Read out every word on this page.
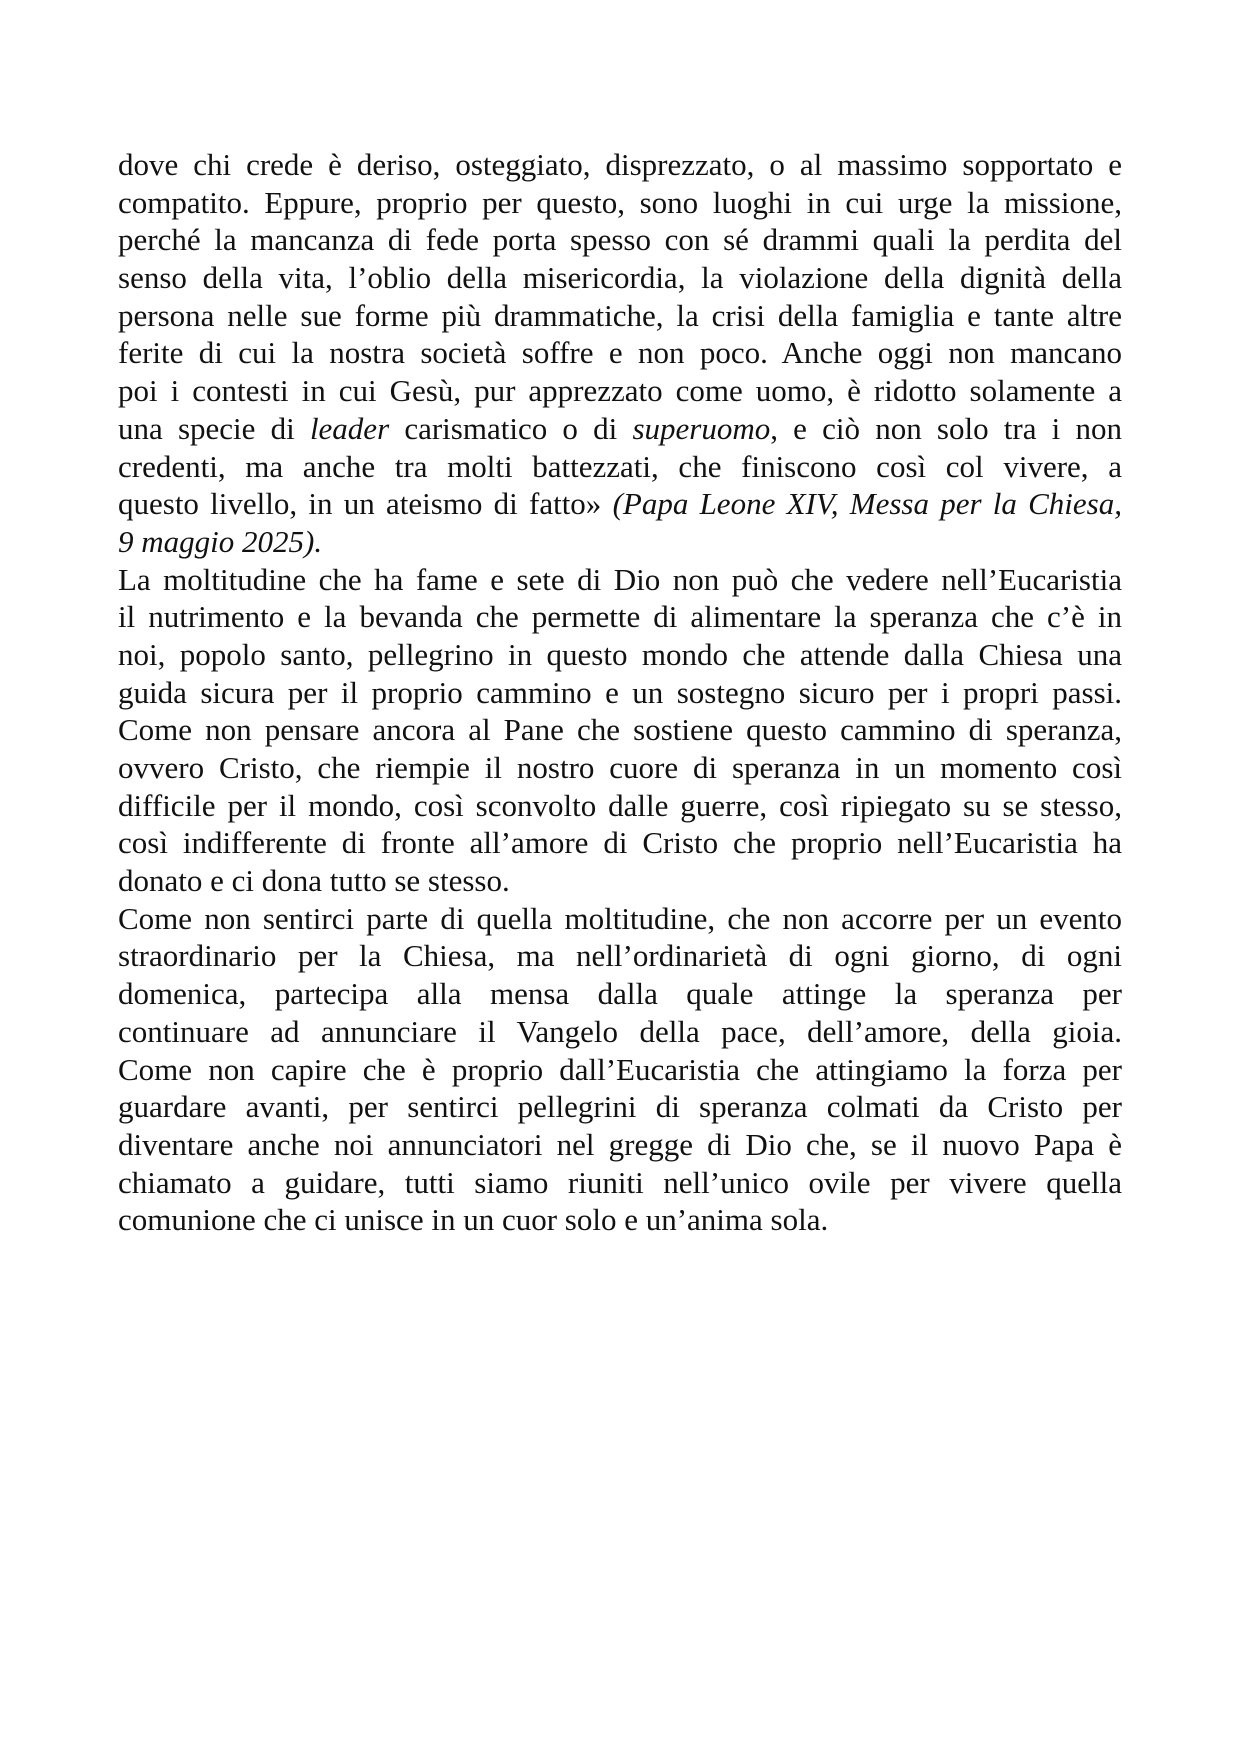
dove chi crede è deriso, osteggiato, disprezzato, o al massimo sopportato e
compatito. Eppure, proprio per questo, sono luoghi in cui urge la missione,
perché la mancanza di fede porta spesso con sé drammi quali la perdita del
senso della vita, l’oblio della misericordia, la violazione della dignità della
persona nelle sue forme più drammatiche, la crisi della famiglia e tante altre
ferite di cui la nostra società soffre e non poco. Anche oggi non mancano
poi i contesti in cui Gesù, pur apprezzato come uomo, è ridotto solamente a
una specie di leader carismatico o di superuomo, e ciò non solo tra i non
credenti, ma anche tra molti battezzati, che finiscono così col vivere, a
questo livello, in un ateismo di fatto» (Papa Leone XIV, Messa per la Chiesa,
9 maggio 2025).
La moltitudine che ha fame e sete di Dio non può che vedere nell’Eucaristia
il nutrimento e la bevanda che permette di alimentare la speranza che c’è in
noi, popolo santo, pellegrino in questo mondo che attende dalla Chiesa una
guida sicura per il proprio cammino e un sostegno sicuro per i propri passi.
Come non pensare ancora al Pane che sostiene questo cammino di speranza,
ovvero Cristo, che riempie il nostro cuore di speranza in un momento così
difficile per il mondo, così sconvolto dalle guerre, così ripiegato su se stesso,
così indifferente di fronte all’amore di Cristo che proprio nell’Eucaristia ha
donato e ci dona tutto se stesso.
Come non sentirci parte di quella moltitudine, che non accorre per un evento
straordinario per la Chiesa, ma nell’ordinarietà di ogni giorno, di ogni
domenica, partecipa alla mensa dalla quale attinge la speranza per
continuare ad annunciare il Vangelo della pace, dell’amore, della gioia.
Come non capire che è proprio dall’Eucaristia che attingiamo la forza per
guardare avanti, per sentirci pellegrini di speranza colmati da Cristo per
diventare anche noi annunciatori nel gregge di Dio che, se il nuovo Papa è
chiamato a guidare, tutti siamo riuniti nell’unico ovile per vivere quella
comunione che ci unisce in un cuor solo e un’anima sola.
